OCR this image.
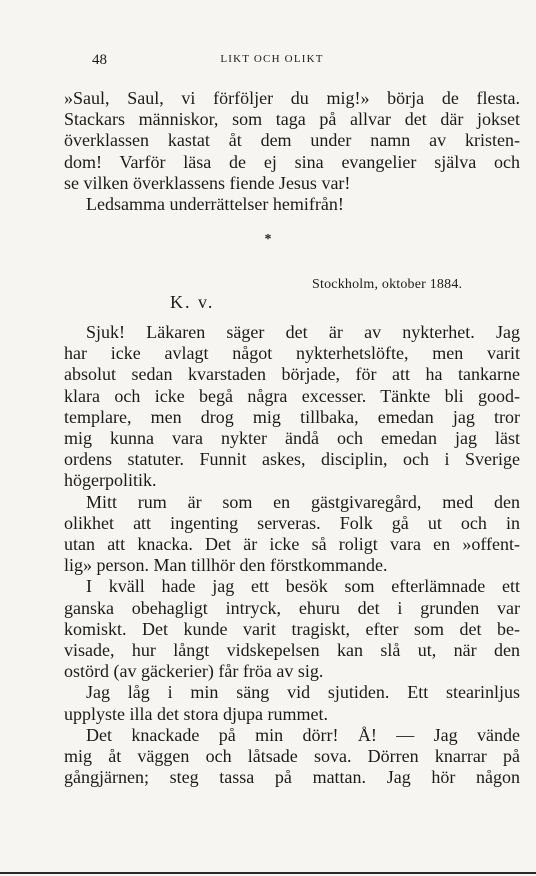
48	LIKT OCH OLIKT
»Saul, Saul, vi förföljer du mig!» börja de flesta.
Stackars människor, som taga på allvar det där jokset
överklassen kastat åt dem under namn av kristen-
dom! Varför läsa de ej sina evangelier själva och
se vilken överklassens fiende Jesus var!
Ledsamma underrättelser hemifrån!
*
Stockholm, oktober 1884.
K. v.
Sjuk! Läkaren säger det är av nykterhet. Jag
har icke avlagt något nykterhetslöfte, men varit
absolut sedan kvarstaden började, för att ha tankarne
klara och icke begå några excesser. Tänkte bli good-
templare, men drog mig tillbaka, emedan jag tror
mig kunna vara nykter ändå och emedan jag läst
ordens statuter. Funnit askes, disciplin, och i Sverige
högerpolitik.
Mitt rum är som en gästgivaregård, med den
olikhet att ingenting serveras. Folk gå ut och in
utan att knacka. Det är icke så roligt vara en »offent-
lig» person. Man tillhör den förstkommande.
I kväll hade jag ett besök som efterlämnade ett
ganska obehagligt intryck, ehuru det i grunden var
komiskt. Det kunde varit tragiskt, efter som det be-
visade, hur långt vidskepelsen kan slå ut, när den
ostörd (av gäckerier) får fröa av sig.
Jag låg i min säng vid sjutiden. Ett stearinljus
upplyste illa det stora djupa rummet.
Det knackade på min dörr! Å! — Jag vände
mig åt väggen och låtsade sova. Dörren knarrar på
gångjärnen; steg tassa på mattan. Jag hör någon
